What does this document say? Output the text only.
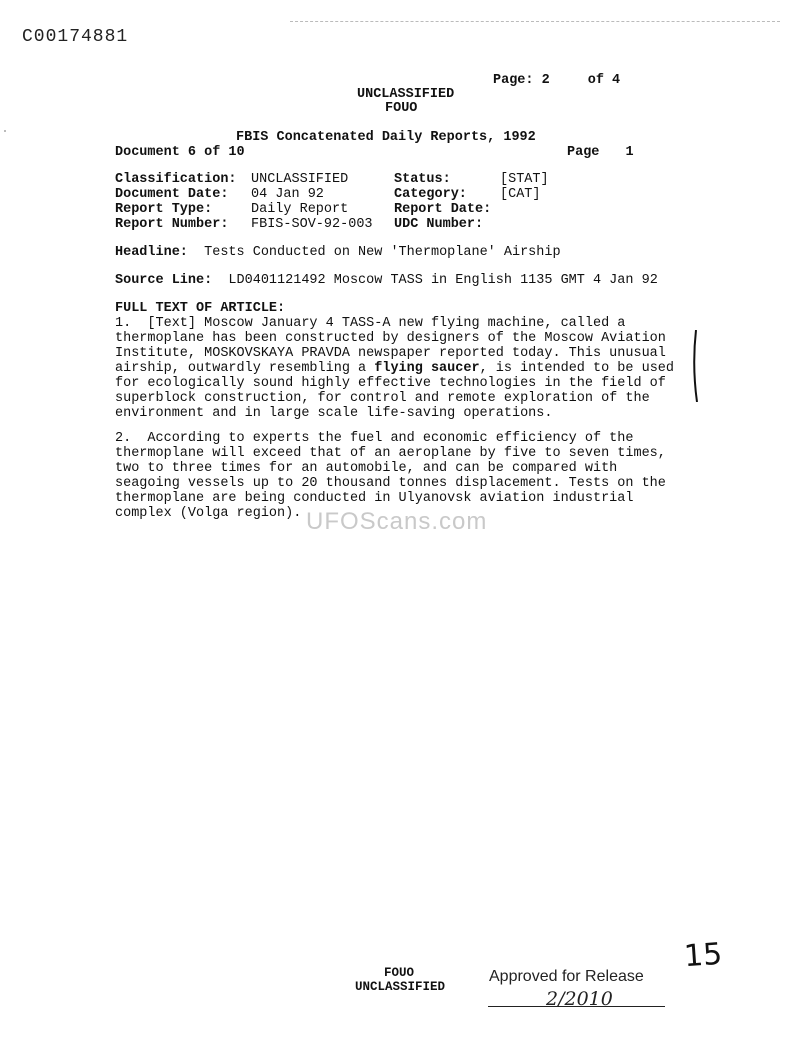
C00174881
Page: 2	of 4
UNCLASSIFIED
FOUO
FBIS Concatenated Daily Reports, 1992
Document 6 of 10	Page 1
Classification:	UNCLASSIFIED	Status:	[STAT]
Document Date:	04 Jan 92	Category:	[CAT]
Report Type:	Daily Report	Report Date:	
Report Number:	FBIS-SOV-92-003	UDC Number:	
Headline: Tests Conducted on New 'Thermoplane' Airship
Source Line: LD0401121492 Moscow TASS in English 1135 GMT 4 Jan 92
FULL TEXT OF ARTICLE:
1.  [Text] Moscow January 4 TASS-A new flying machine, called a
thermoplane has been constructed by designers of the Moscow Aviation
Institute, MOSKOVSKAYA PRAVDA newspaper reported today. This unusual
airship, outwardly resembling a flying saucer, is intended to be used
for ecologically sound highly effective technologies in the field of
superblock construction, for control and remote exploration of the
environment and in large scale life-saving operations.
2.  According to experts the fuel and economic efficiency of the
thermoplane will exceed that of an aeroplane by five to seven times,
two to three times for an automobile, and can be compared with
seagoing vessels up to 20 thousand tonnes displacement. Tests on the
thermoplane are being conducted in Ulyanovsk aviation industrial
complex (Volga region). UFOScans.com
15
FOUO
UNCLASSIFIED
Approved for Release
2/2010
